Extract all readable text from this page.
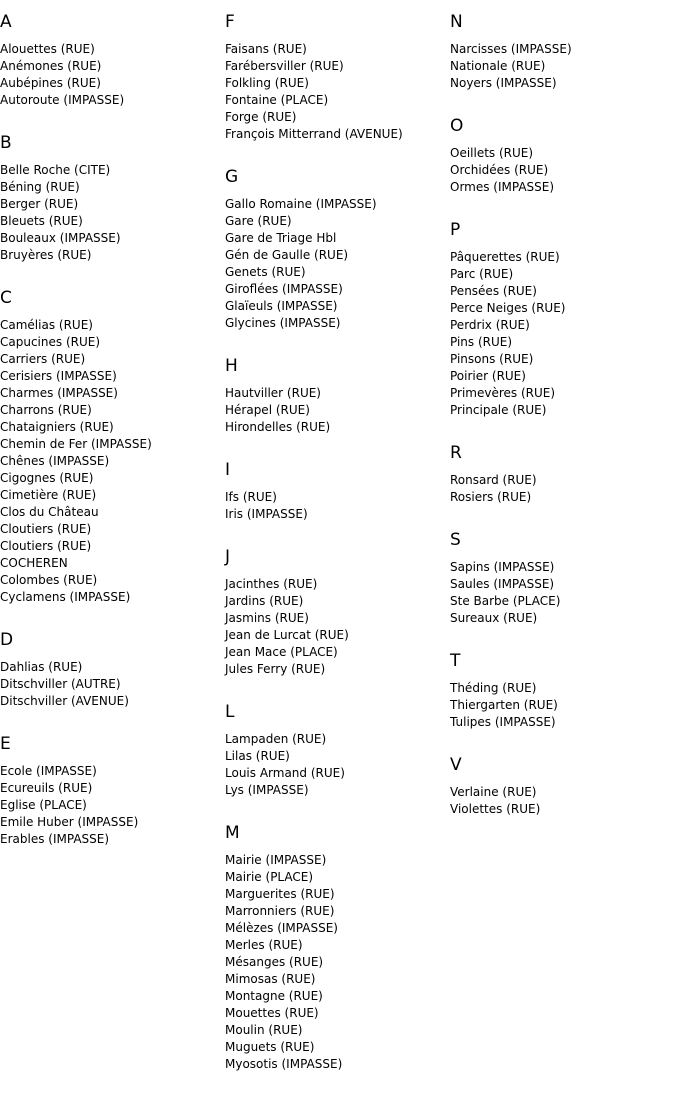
A
Alouettes (RUE)
Anémones (RUE)
Aubépines (RUE)
Autoroute (IMPASSE)
B
Belle Roche (CITE)
Béning (RUE)
Berger (RUE)
Bleuets (RUE)
Bouleaux (IMPASSE)
Bruyères (RUE)
C
Camélias (RUE)
Capucines (RUE)
Carriers (RUE)
Cerisiers (IMPASSE)
Charmes (IMPASSE)
Charrons (RUE)
Chataigniers (RUE)
Chemin de Fer (IMPASSE)
Chênes (IMPASSE)
Cigognes (RUE)
Cimetière (RUE)
Clos du Château
Cloutiers (RUE)
Cloutiers (RUE)
COCHEREN
Colombes (RUE)
Cyclamens (IMPASSE)
D
Dahlias (RUE)
Ditschviller (AUTRE)
Ditschviller (AVENUE)
E
Ecole (IMPASSE)
Ecureuils (RUE)
Eglise (PLACE)
Emile Huber (IMPASSE)
Erables (IMPASSE)
F
Faisans (RUE)
Farébersviller (RUE)
Folkling (RUE)
Fontaine (PLACE)
Forge (RUE)
François Mitterrand (AVENUE)
G
Gallo Romaine (IMPASSE)
Gare (RUE)
Gare de Triage Hbl
Gén de Gaulle (RUE)
Genets (RUE)
Giroflées (IMPASSE)
Glaïeuls (IMPASSE)
Glycines (IMPASSE)
H
Hautviller (RUE)
Hérapel (RUE)
Hirondelles (RUE)
I
Ifs (RUE)
Iris (IMPASSE)
J
Jacinthes (RUE)
Jardins (RUE)
Jasmins (RUE)
Jean de Lurcat (RUE)
Jean Mace (PLACE)
Jules Ferry (RUE)
L
Lampaden (RUE)
Lilas (RUE)
Louis Armand (RUE)
Lys (IMPASSE)
M
Mairie (IMPASSE)
Mairie (PLACE)
Marguerites (RUE)
Marronniers (RUE)
Mélèzes (IMPASSE)
Merles (RUE)
Mésanges (RUE)
Mimosas (RUE)
Montagne (RUE)
Mouettes (RUE)
Moulin (RUE)
Muguets (RUE)
Myosotis (IMPASSE)
N
Narcisses (IMPASSE)
Nationale (RUE)
Noyers (IMPASSE)
O
Oeillets (RUE)
Orchidées (RUE)
Ormes (IMPASSE)
P
Pâquerettes (RUE)
Parc (RUE)
Pensées (RUE)
Perce Neiges (RUE)
Perdrix (RUE)
Pins (RUE)
Pinsons (RUE)
Poirier (RUE)
Primevères (RUE)
Principale (RUE)
R
Ronsard (RUE)
Rosiers (RUE)
S
Sapins (IMPASSE)
Saules (IMPASSE)
Ste Barbe (PLACE)
Sureaux (RUE)
T
Théding (RUE)
Thiergarten (RUE)
Tulipes (IMPASSE)
V
Verlaine (RUE)
Violettes (RUE)
